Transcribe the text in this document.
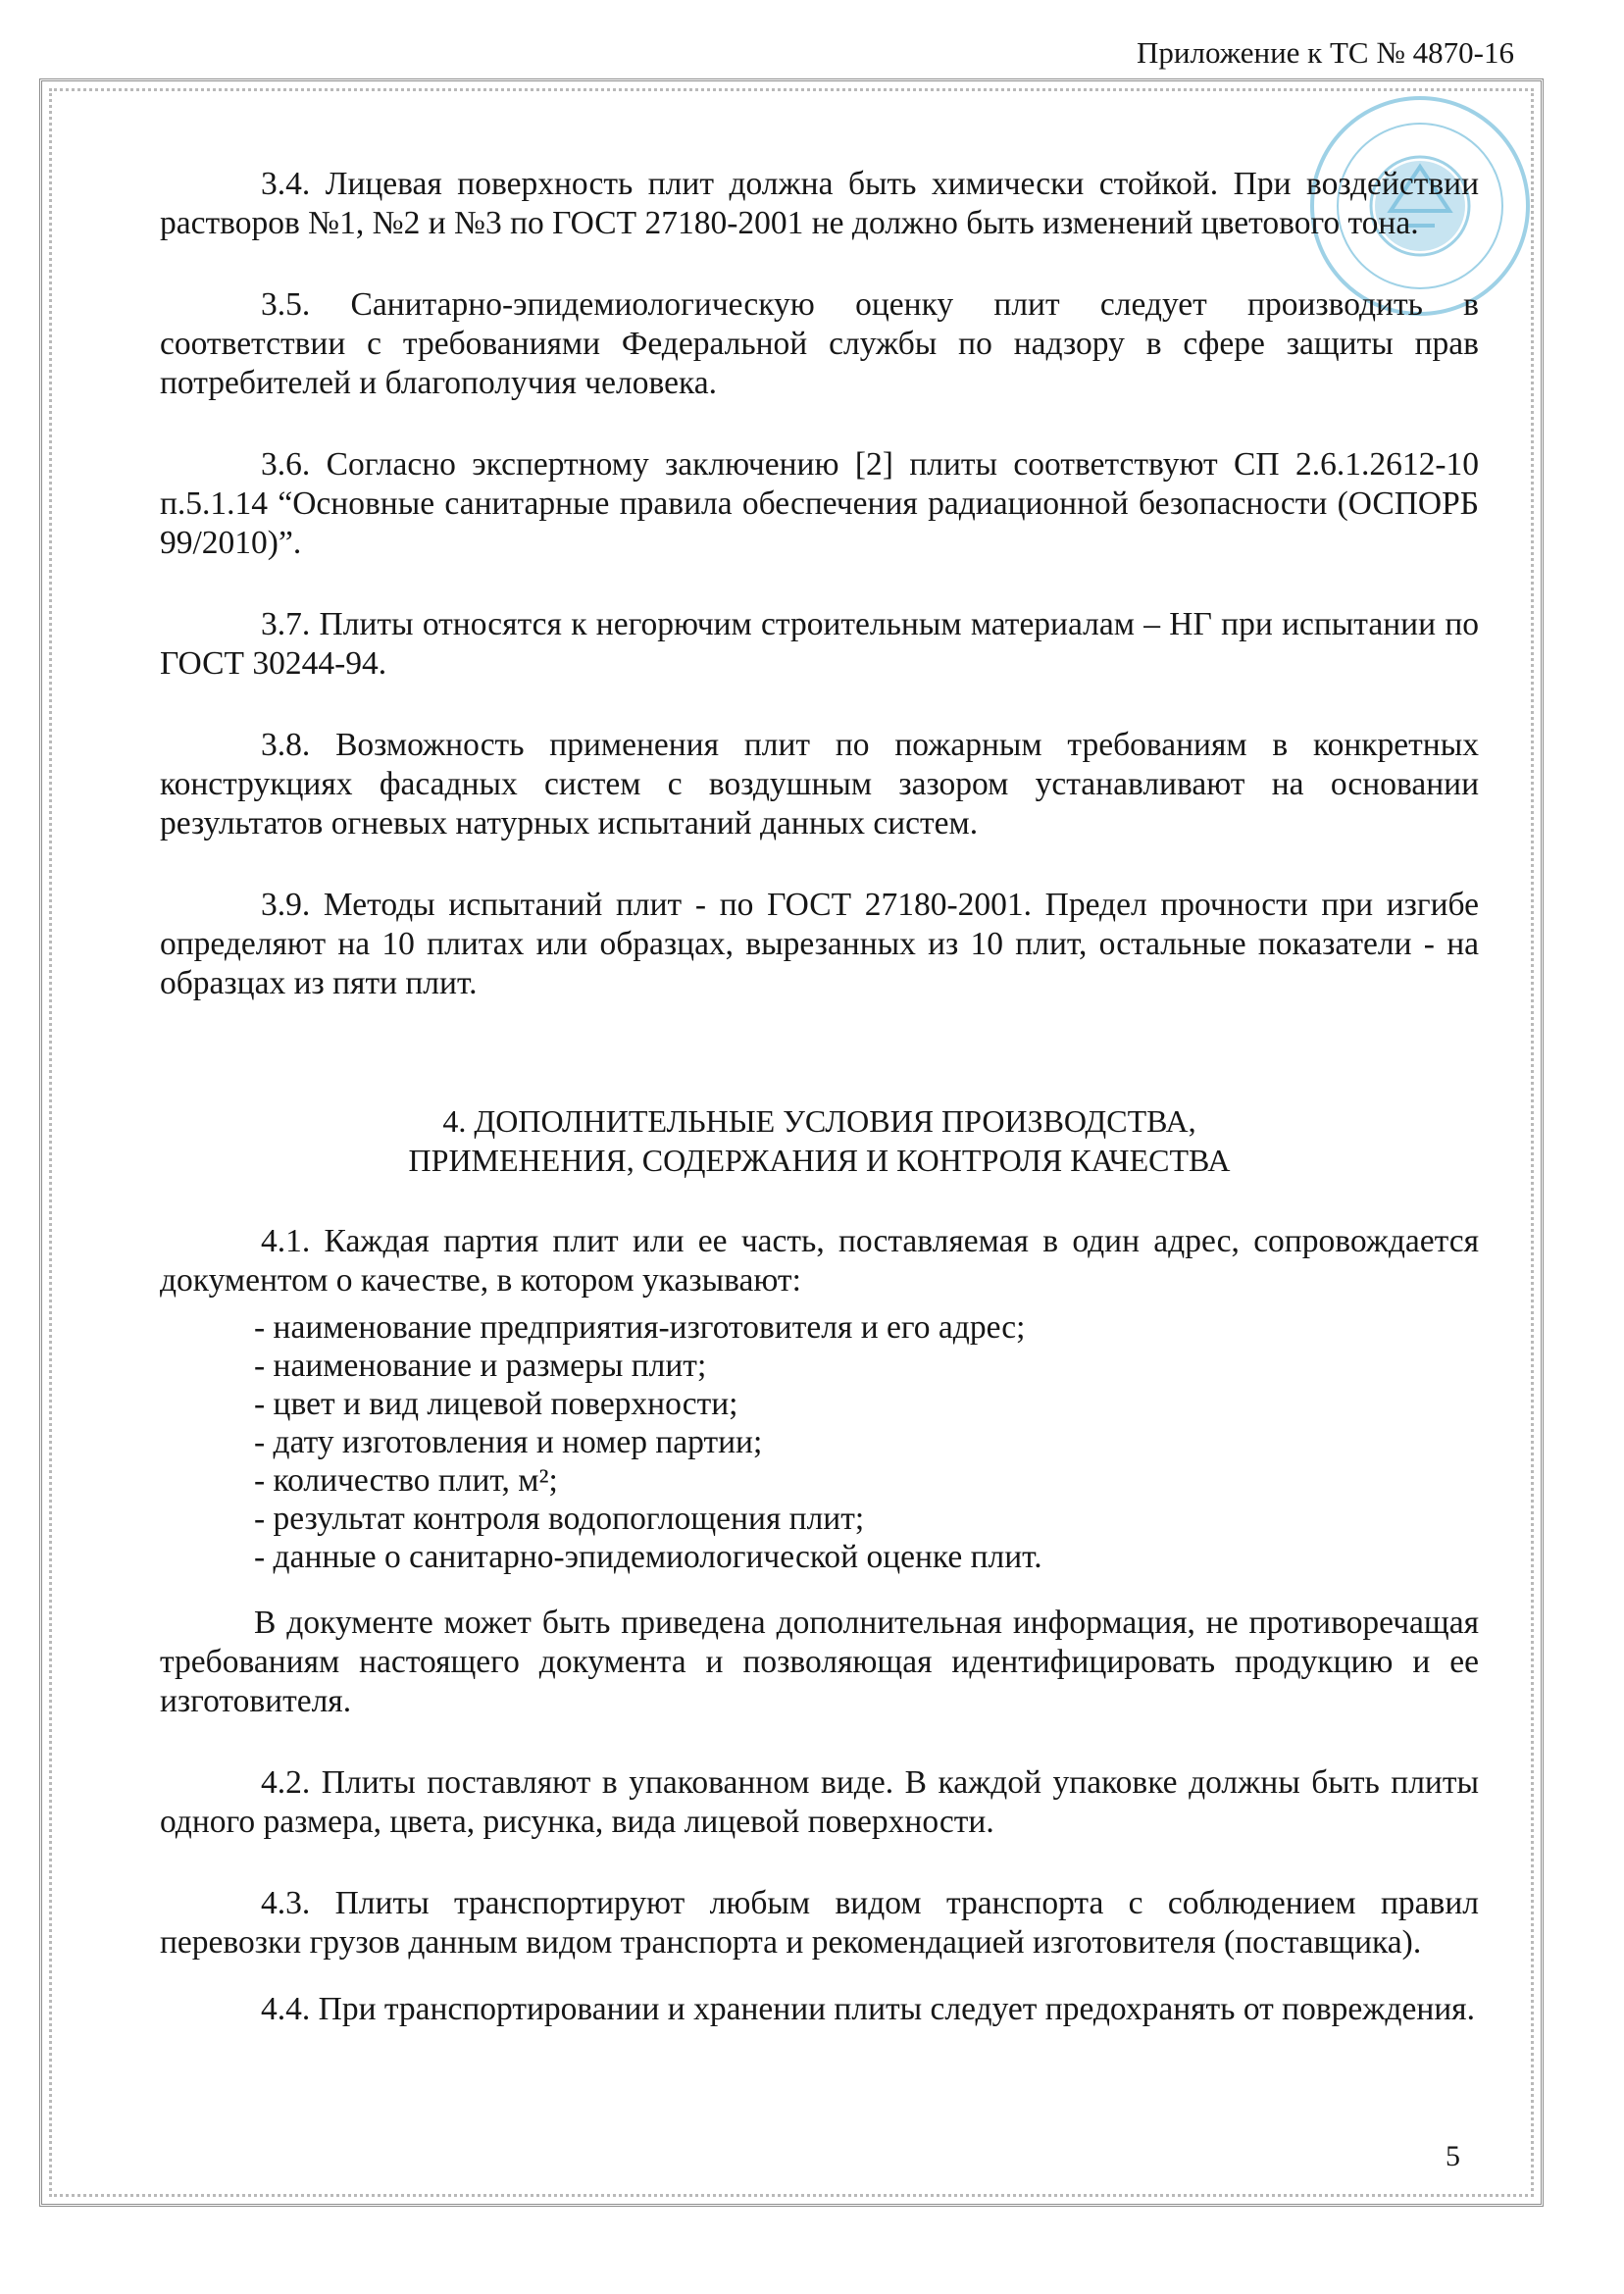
Приложение к ТС № 4870-16

3.4. Лицевая поверхность плит должна быть химически стойкой. При воздействии растворов №1, №2 и №3 по ГОСТ 27180-2001 не должно быть изменений цветового тона.

3.5. Санитарно-эпидемиологическую оценку плит следует производить в соответствии с требованиями Федеральной службы по надзору в сфере защиты прав потребителей и благополучия человека.

3.6. Согласно экспертному заключению [2] плиты соответствуют СП 2.6.1.2612-10 п.5.1.14 “Основные санитарные правила обеспечения радиационной безопасности (ОСПОРБ 99/2010)”.

3.7. Плиты относятся к негорючим строительным материалам – НГ при испытании по ГОСТ 30244-94.

3.8. Возможность применения плит по пожарным требованиям в конкретных конструкциях фасадных систем с воздушным зазором устанавливают на основании результатов огневых натурных испытаний данных систем.

3.9. Методы испытаний плит - по ГОСТ 27180-2001. Предел прочности при изгибе определяют на 10 плитах или образцах, вырезанных из 10 плит, остальные показатели - на образцах из пяти плит.

4. ДОПОЛНИТЕЛЬНЫЕ УСЛОВИЯ ПРОИЗВОДСТВА,
ПРИМЕНЕНИЯ, СОДЕРЖАНИЯ И КОНТРОЛЯ КАЧЕСТВА

4.1. Каждая партия плит или ее часть, поставляемая в один адрес, сопровождается документом о качестве, в котором указывают:

- наименование предприятия-изготовителя и его адрес;
- наименование и размеры плит;
- цвет и вид лицевой поверхности;
- дату изготовления и номер партии;
- количество плит, м²;
- результат контроля водопоглощения плит;
- данные о санитарно-эпидемиологической оценке плит.

В документе может быть приведена дополнительная информация, не противоречащая требованиям настоящего документа и позволяющая идентифицировать продукцию и ее изготовителя.

4.2. Плиты поставляют в упакованном виде. В каждой упаковке должны быть плиты одного размера, цвета, рисунка, вида лицевой поверхности.

4.3. Плиты транспортируют любым видом транспорта с соблюдением правил перевозки грузов данным видом транспорта и рекомендацией изготовителя (поставщика).

4.4. При транспортировании и хранении плиты следует предохранять от повреждения.

5
